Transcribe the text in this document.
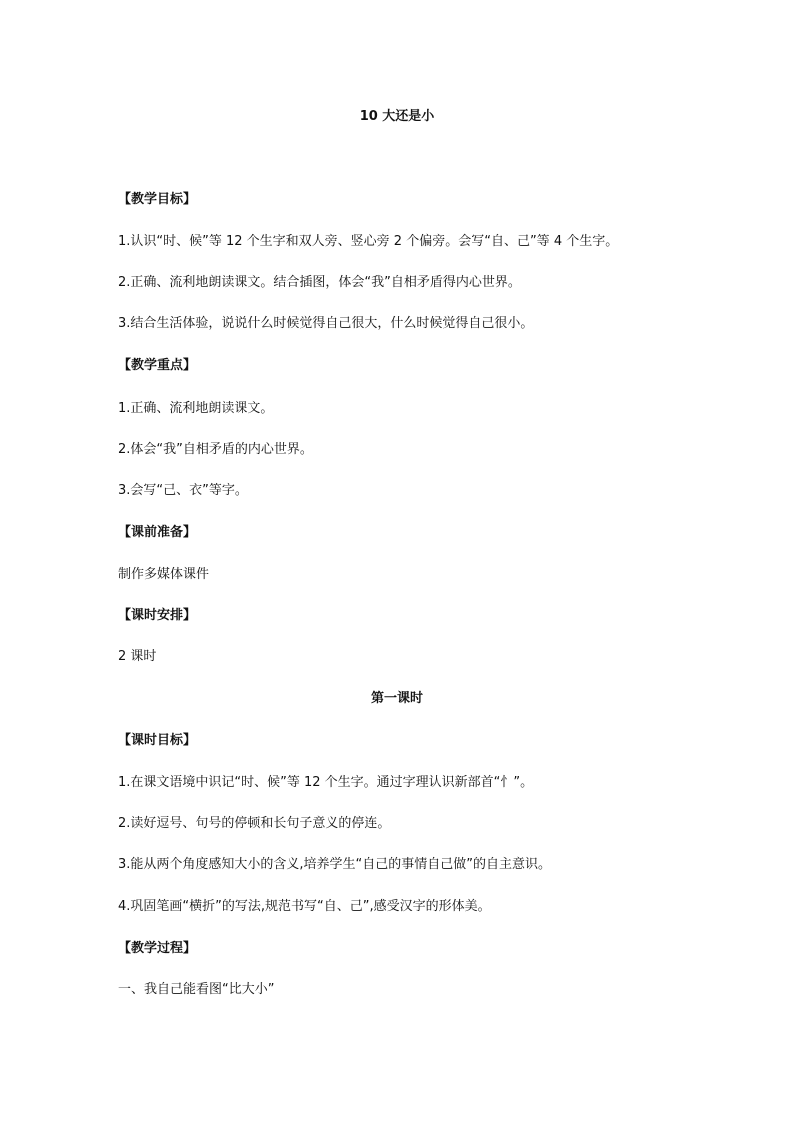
10 大还是小
【教学目标】
1.认识“时、候”等 12 个生字和双人旁、竖心旁 2 个偏旁。会写“自、己”等 4 个生字。
2.正确、流利地朗读课文。结合插图，体会“我”自相矛盾得内心世界。
3.结合生活体验，说说什么时候觉得自己很大，什么时候觉得自己很小。
【教学重点】
1.正确、流利地朗读课文。
2.体会“我”自相矛盾的内心世界。
3.会写“己、衣”等字。
【课前准备】
制作多媒体课件
【课时安排】
2 课时
第一课时
【课时目标】
1.在课文语境中识记“时、候”等 12 个生字。通过字理认识新部首“忄”。
2.读好逗号、句号的停顿和长句子意义的停连。
3.能从两个角度感知大小的含义,培养学生“自己的事情自己做”的自主意识。
4.巩固笔画“横折”的写法,规范书写“自、己”,感受汉字的形体美。
【教学过程】
一、我自己能看图“比大小”
